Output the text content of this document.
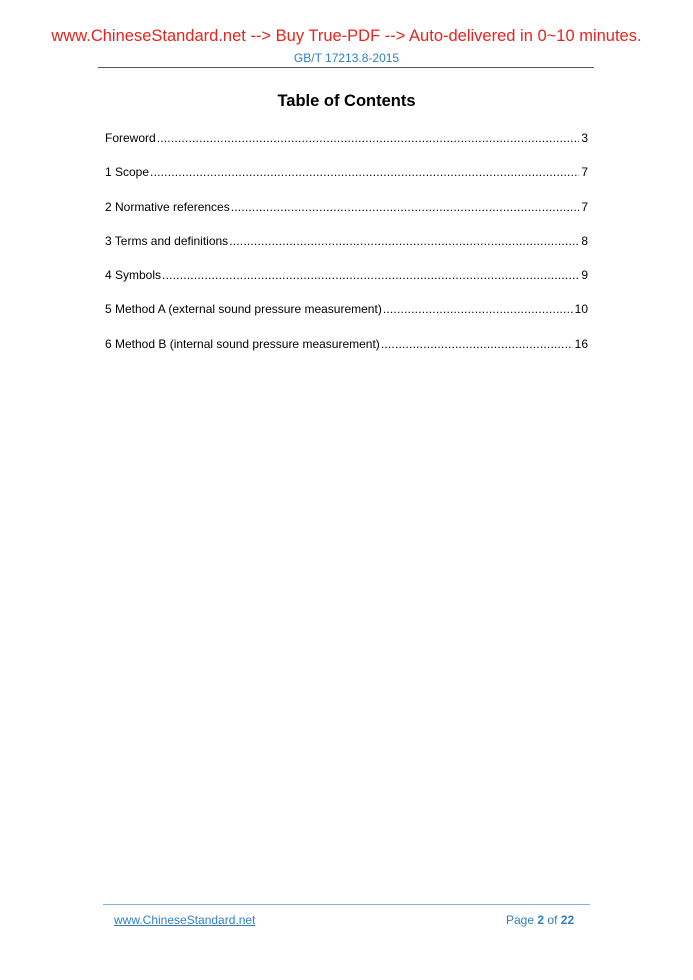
www.ChineseStandard.net --> Buy True-PDF --> Auto-delivered in 0~10 minutes.
GB/T 17213.8-2015
Table of Contents
Foreword .....	3
1 Scope .....	7
2 Normative references .....	7
3 Terms and definitions .....	8
4 Symbols .....	9
5 Method A (external sound pressure measurement) .....	10
6 Method B (internal sound pressure measurement) .....	16
www.ChineseStandard.net	Page 2 of 22
